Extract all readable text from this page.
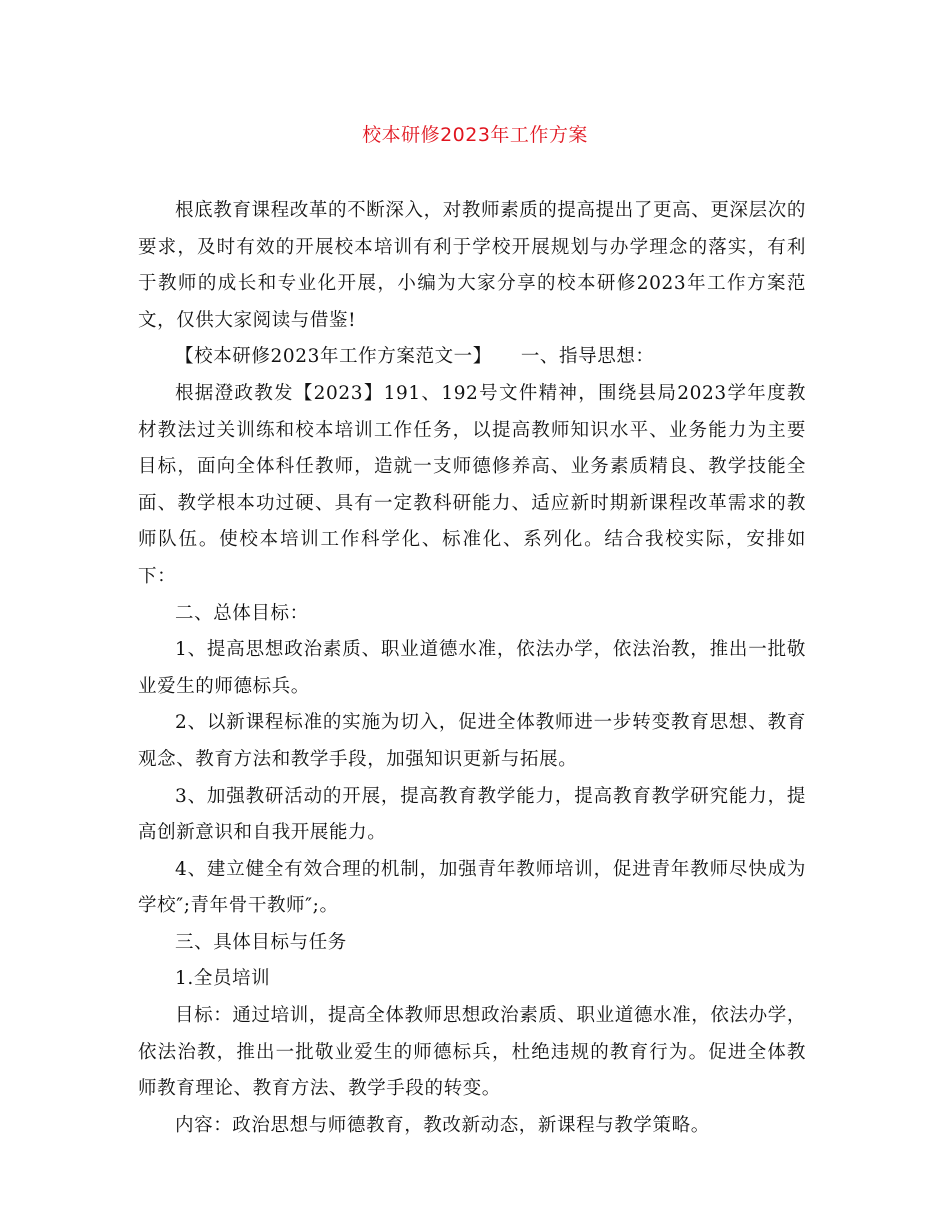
校本研修2023年工作方案

根底教育课程改革的不断深入，对教师素质的提高提出了更高、更深层次的要求，及时有效的开展校本培训有利于学校开展规划与办学理念的落实，有利于教师的成长和专业化开展，小编为大家分享的校本研修2023年工作方案范文，仅供大家阅读与借鉴!

【校本研修2023年工作方案范文一】　　一、指导思想：

根据澄政教发【2023】191、192号文件精神，围绕县局2023学年度教材教法过关训练和校本培训工作任务，以提高教师知识水平、业务能力为主要目标，面向全体科任教师，造就一支师德修养高、业务素质精良、教学技能全面、教学根本功过硬、具有一定教科研能力、适应新时期新课程改革需求的教师队伍。使校本培训工作科学化、标准化、系列化。结合我校实际，安排如下：

二、总体目标：

1、提高思想政治素质、职业道德水准，依法办学，依法治教，推出一批敬业爱生的师德标兵。

2、以新课程标准的实施为切入，促进全体教师进一步转变教育思想、教育观念、教育方法和教学手段，加强知识更新与拓展。

3、加强教研活动的开展，提高教育教学能力，提高教育教学研究能力，提高创新意识和自我开展能力。

4、建立健全有效合理的机制，加强青年教师培训，促进青年教师尽快成为学校″;青年骨干教师″;。

三、具体目标与任务

1.全员培训

目标：通过培训，提高全体教师思想政治素质、职业道德水准，依法办学，依法治教，推出一批敬业爱生的师德标兵，杜绝违规的教育行为。促进全体教师教育理论、教育方法、教学手段的转变。

内容：政治思想与师德教育，教改新动态，新课程与教学策略。
